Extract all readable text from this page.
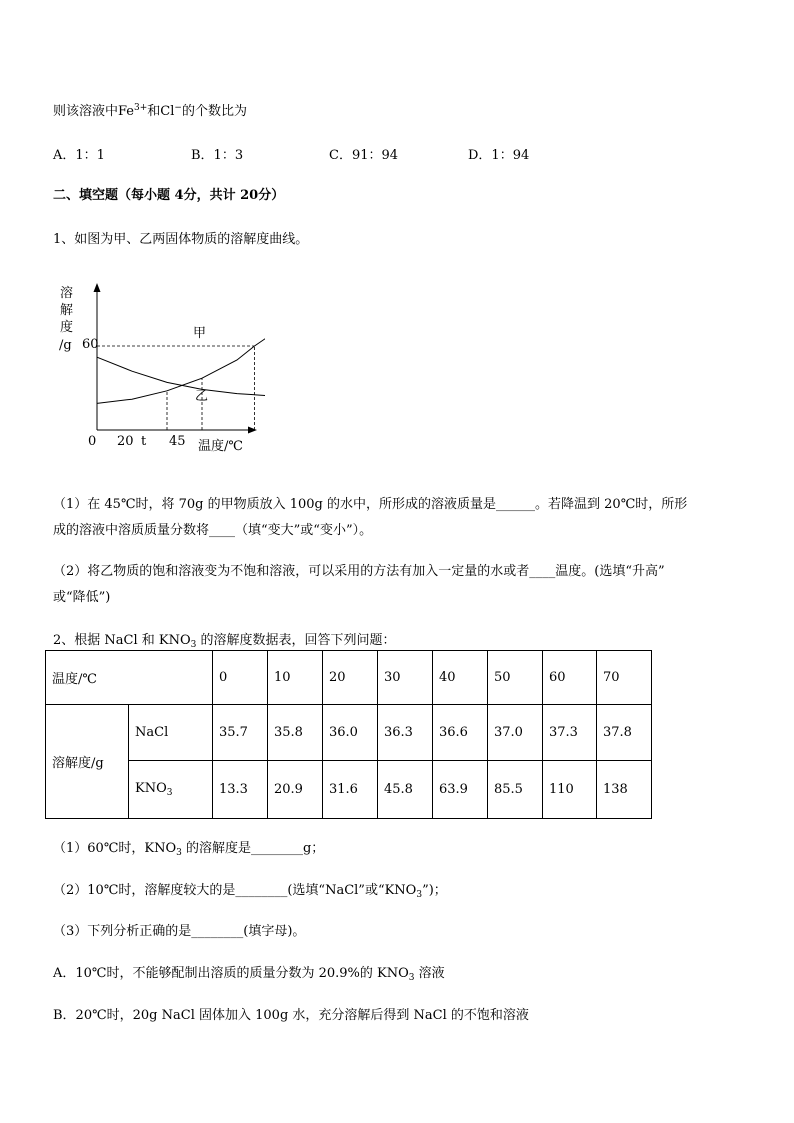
则该溶液中$Fe^{3+}$和Cl−的个数比为
A．1：1	B．1：3	C．91：94	D．1：94
二、填空题（每小题 4分，共计 20分）
1、如图为甲、乙两固体物质的溶解度曲线。
溶
解
度
/g 60
0 20 t 45 温度/℃
甲
乙
（1）在 45℃时，将 70g 的甲物质放入 100g 的水中，所形成的溶液质量是______。若降温到 20℃时，所形
成的溶液中溶质质量分数将____（填“变大”或“变小”）。
（2）将乙物质的饱和溶液变为不饱和溶液，可以采用的方法有加入一定量的水或者____温度。(选填“升高”
或“降低”)
2、根据 NaCl 和 $KNO_3$ 的溶解度数据表，回答下列问题：
温度/℃		0	10	20	30	40	50	60	70
溶解度/g	NaCl	35.7	35.8	36.0	36.3	36.6	37.0	37.3	37.8
	$KNO_3$	13.3	20.9	31.6	45.8	63.9	85.5	110	138
（1）60℃时，$KNO_3$ 的溶解度是________g；
（2）10℃时，溶解度较大的是________(选填“NaCl”或“$KNO_3$”)；
（3）下列分析正确的是________(填字母)。
A．10℃时，不能够配制出溶质的质量分数为 20.9%的 $KNO_3$ 溶液
B．20℃时，20g NaCl 固体加入 100g 水，充分溶解后得到 NaCl 的不饱和溶液
